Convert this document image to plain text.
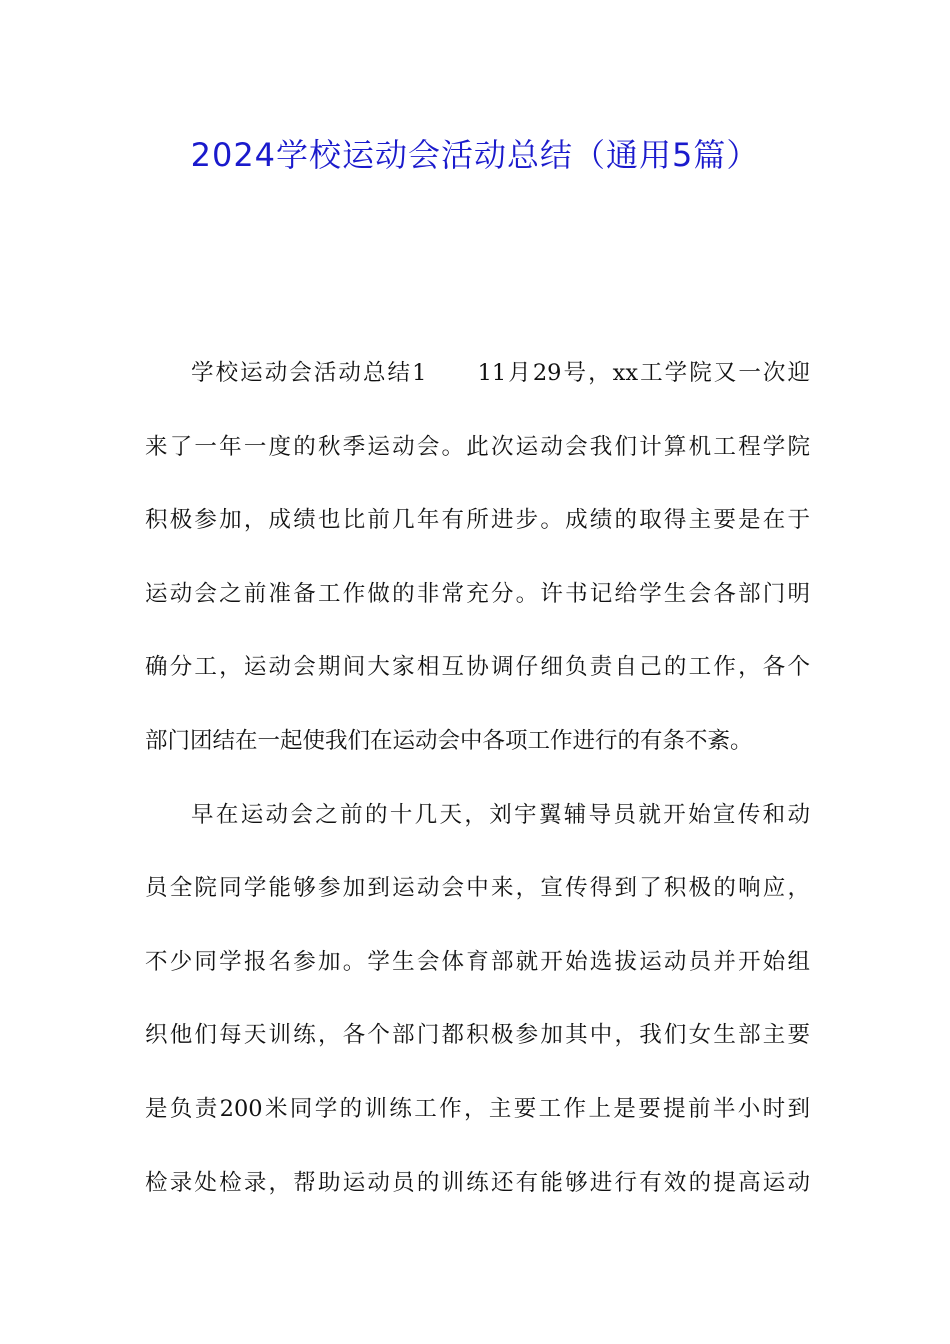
2024学校运动会活动总结（通用5篇）
学校运动会活动总结1　　11月29号，xx工学院又一次迎
来了一年一度的秋季运动会。此次运动会我们计算机工程学院
积极参加，成绩也比前几年有所进步。成绩的取得主要是在于
运动会之前准备工作做的非常充分。许书记给学生会各部门明
确分工，运动会期间大家相互协调仔细负责自己的工作，各个
部门团结在一起使我们在运动会中各项工作进行的有条不紊。
早在运动会之前的十几天，刘宇翼辅导员就开始宣传和动
员全院同学能够参加到运动会中来，宣传得到了积极的响应，
不少同学报名参加。学生会体育部就开始选拔运动员并开始组
织他们每天训练，各个部门都积极参加其中，我们女生部主要
是负责200米同学的训练工作，主要工作上是要提前半小时到
检录处检录，帮助运动员的训练还有能够进行有效的提高运动
